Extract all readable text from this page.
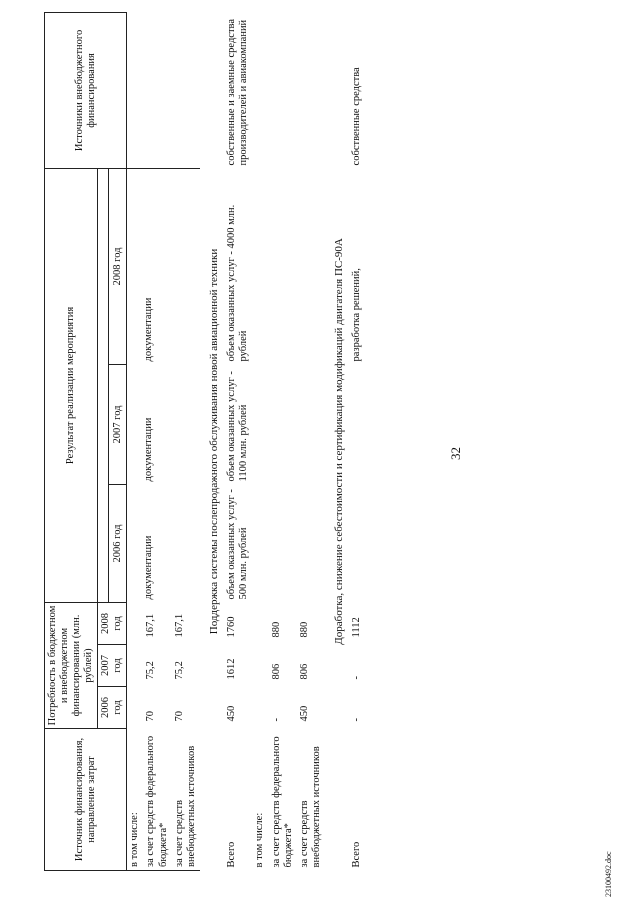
32
Источник финансирования, направление затрат	Потребность в бюджетном и внебюджетном финансировании (млн. рублей)			Результат реализации мероприятия			Источники внебюджетного финансирования
	2006 год	2007 год	2008 год				
				2006 год	2007 год	2008 год	
в том числе:				документации	документации	документации	
за счет средств федерального бюджета*	70	75,2	167,1				
за счет средств внебюджетных источников	70	75,2	167,1				
Поддержка системы послепродажного обслуживания новой авиационной техники							
Всего	450	1612	1760	объем оказанных услуг - 500 млн. рублей	объем оказанных услуг - 1100 млн. рублей	объем оказанных услуг - 4000 млн. рублей	собственные и заемные средства производителей и авиакомпаний
в том числе:							
за счет средств федерального бюджета*	-	806	880				
за счет средств внебюджетных источников	450	806	880				
Доработка, снижение себестоимости и сертификация модификаций двигателя ПС-90А							
Всего	-	-	1112			разработка решений,	собственные средства
23100492.doc
